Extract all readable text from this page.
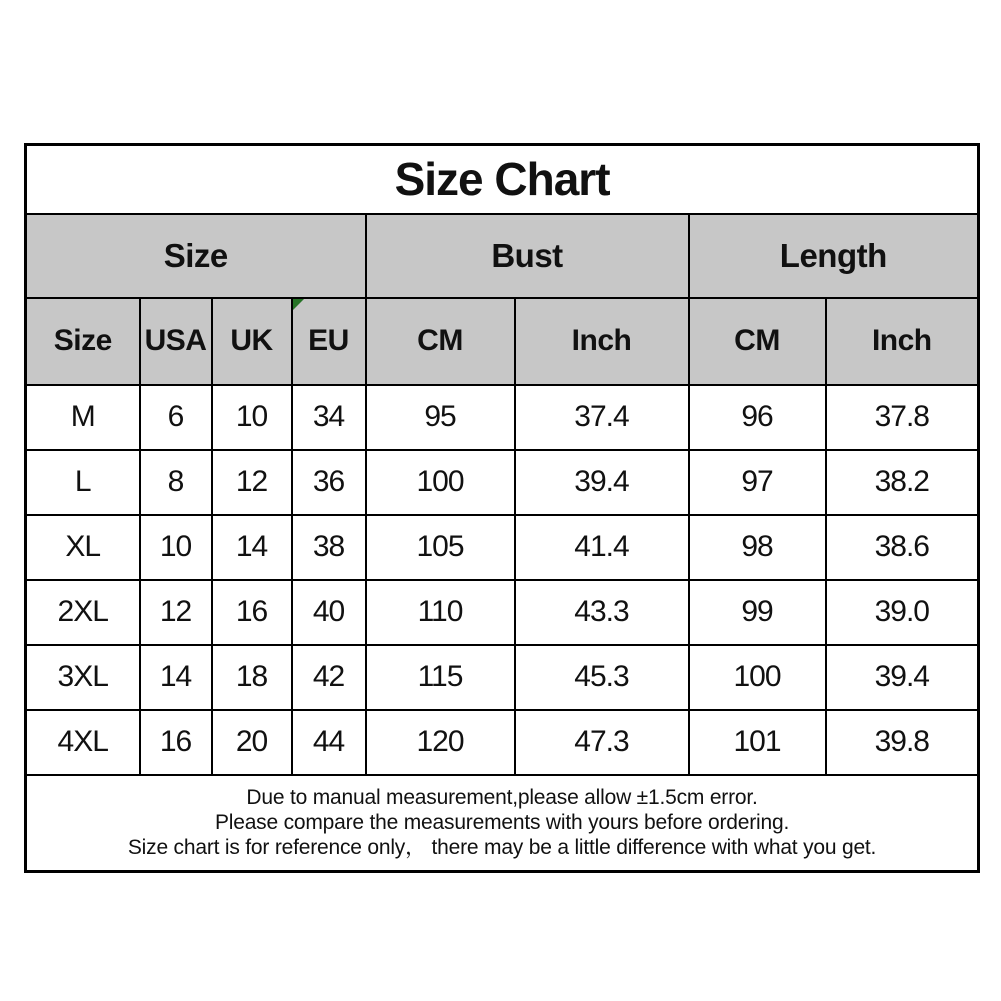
Size Chart							
Size				Bust		Length	
Size	USA	UK	EU	CM	Inch	CM	Inch
M	6	10	34	95	37.4	96	37.8
L	8	12	36	100	39.4	97	38.2
XL	10	14	38	105	41.4	98	38.6
2XL	12	16	40	110	43.3	99	39.0
3XL	14	18	42	115	45.3	100	39.4
4XL	16	20	44	120	47.3	101	39.8

Due to manual measurement,please allow ±1.5cm error.
Please compare the measurements with yours before ordering.
Size chart is for reference only， there may be a little difference with what you get.							
